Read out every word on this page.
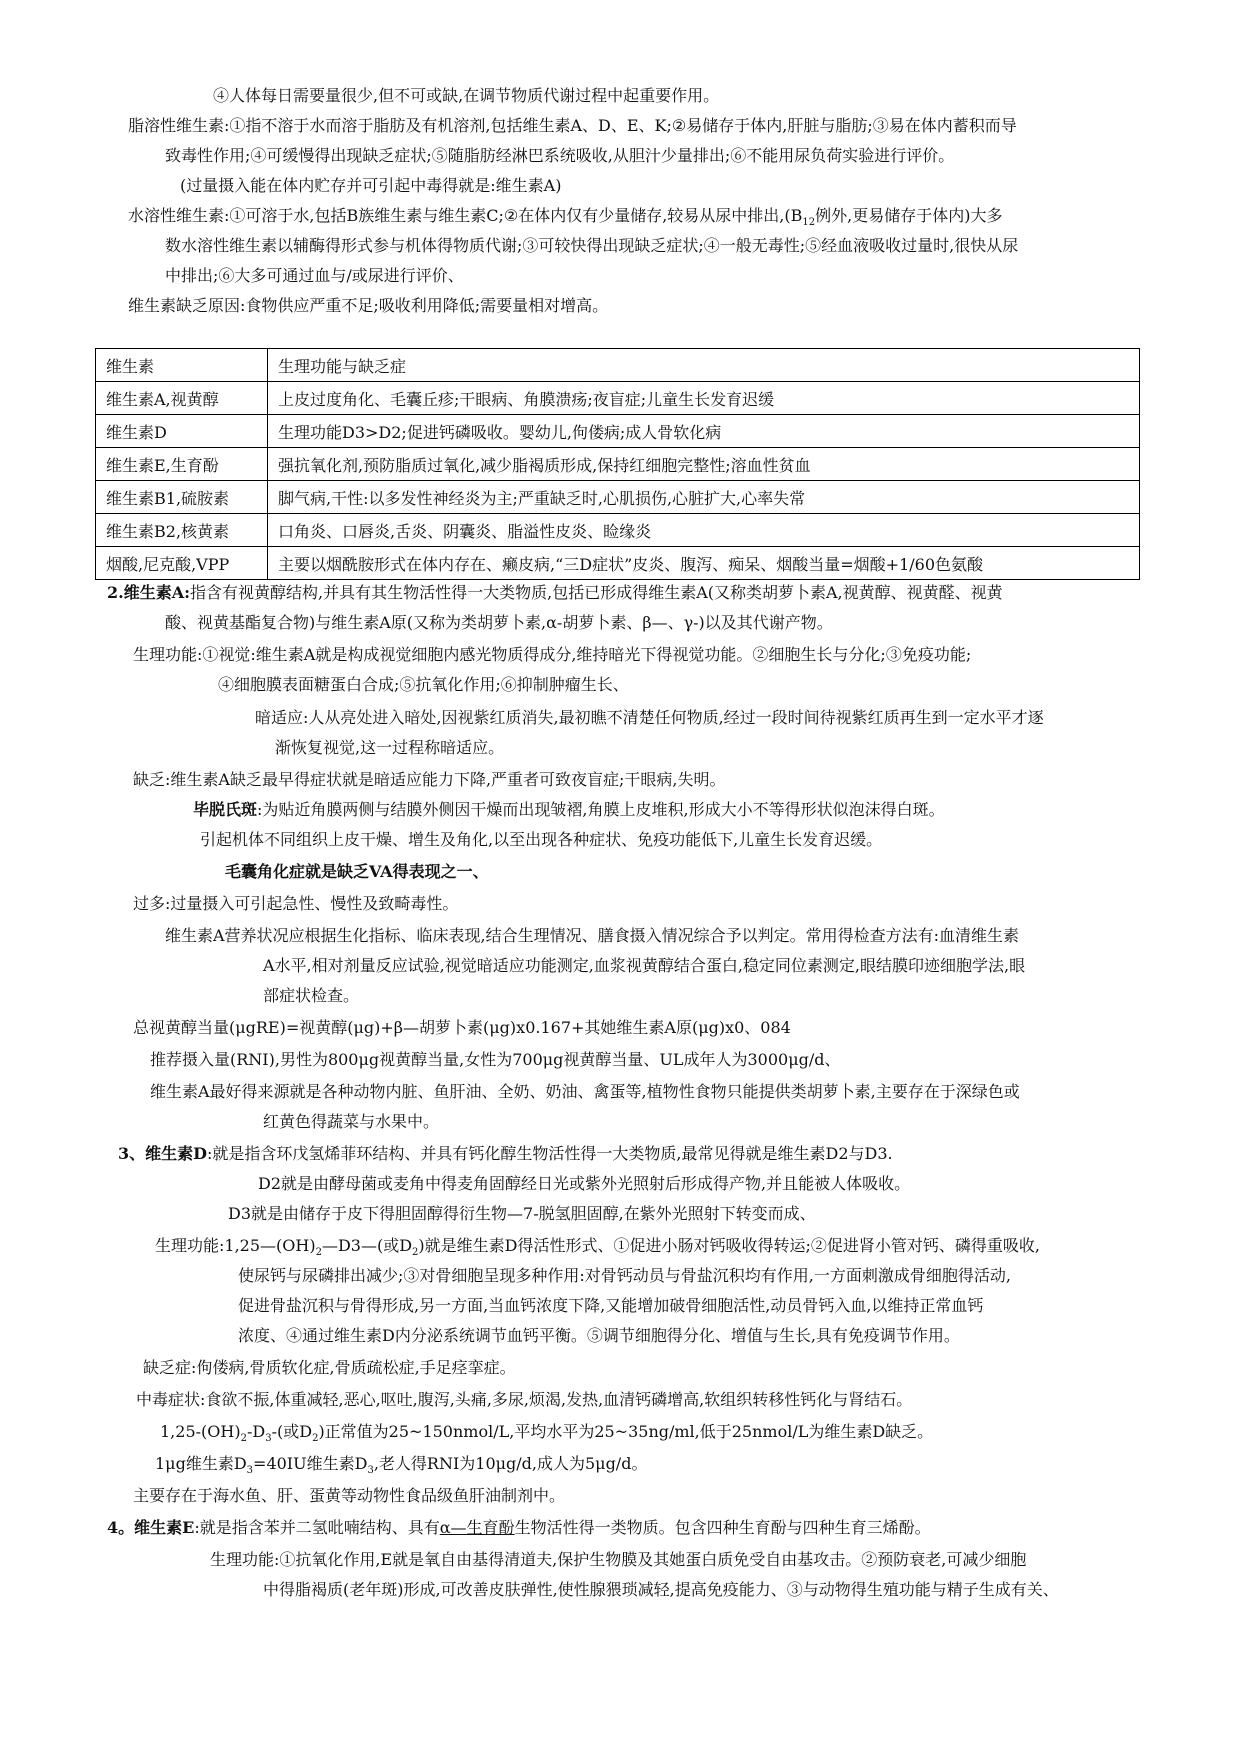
④人体每日需要量很少,但不可或缺,在调节物质代谢过程中起重要作用。
脂溶性维生素:①指不溶于水而溶于脂肪及有机溶剂,包括维生素A、D、E、K;②易储存于体内,肝脏与脂肪;③易在体内蓄积而导
致毒性作用;④可缓慢得出现缺乏症状;⑤随脂肪经淋巴系统吸收,从胆汁少量排出;⑥不能用尿负荷实验进行评价。
(过量摄入能在体内贮存并可引起中毒得就是:维生素A)
水溶性维生素:①可溶于水,包括B族维生素与维生素C;②在体内仅有少量储存,较易从尿中排出$,(B_{12}$例外,更易储存于体内)大多
数水溶性维生素以辅酶得形式参与机体得物质代谢;③可较快得出现缺乏症状;④一般无毒性;⑤经血液吸收过量时,很快从尿
中排出;⑥大多可通过血与/或尿进行评价、
维生素缺乏原因:食物供应严重不足;吸收利用降低;需要量相对增高。
维生素	生理功能与缺乏症
维生素A,视黄醇	上皮过度角化、毛囊丘疹;干眼病、角膜溃疡;夜盲症;儿童生长发育迟缓
维生素D	生理功能D3>D2;促进钙磷吸收。婴幼儿,佝偻病;成人骨软化病
维生素E,生育酚	强抗氧化剂,预防脂质过氧化,减少脂褐质形成,保持红细胞完整性;溶血性贫血
维生素B1,硫胺素	脚气病,干性:以多发性神经炎为主;严重缺乏时,心肌损伤,心脏扩大,心率失常
维生素B2,核黄素	口角炎、口唇炎,舌炎、阴囊炎、脂溢性皮炎、睑缘炎
烟酸,尼克酸,VPP	主要以烟酰胺形式在体内存在、癞皮病,“三D症状”皮炎、腹泻、痴呆、烟酸当量=烟酸+1/60色氨酸
2.维生素A:指含有视黄醇结构,并具有其生物活性得一大类物质,包括已形成得维生素A(又称类胡萝卜素A,视黄醇、视黄醛、视黄
酸、视黄基酯复合物)与维生素A原(又称为类胡萝卜素,α-胡萝卜素、β—、γ-)以及其代谢产物。
生理功能:①视觉:维生素A就是构成视觉细胞内感光物质得成分,维持暗光下得视觉功能。②细胞生长与分化;③免疫功能;
④细胞膜表面糖蛋白合成;⑤抗氧化作用;⑥抑制肿瘤生长、
暗适应:人从亮处进入暗处,因视紫红质消失,最初瞧不清楚任何物质,经过一段时间待视紫红质再生到一定水平才逐
渐恢复视觉,这一过程称暗适应。
缺乏:维生素A缺乏最早得症状就是暗适应能力下降,严重者可致夜盲症;干眼病,失明。
毕脱氏斑:为贴近角膜两侧与结膜外侧因干燥而出现皱褶,角膜上皮堆积,形成大小不等得形状似泡沫得白斑。
引起机体不同组织上皮干燥、增生及角化,以至出现各种症状、免疫功能低下,儿童生长发育迟缓。
毛囊角化症就是缺乏VA得表现之一、
过多:过量摄入可引起急性、慢性及致畸毒性。
维生素A营养状况应根据生化指标、临床表现,结合生理情况、膳食摄入情况综合予以判定。常用得检查方法有:血清维生素
A水平,相对剂量反应试验,视觉暗适应功能测定,血浆视黄醇结合蛋白,稳定同位素测定,眼结膜印迹细胞学法,眼
部症状检查。
总视黄醇当量(μgRE)=视黄醇(μg)+β—胡萝卜素(μg)x0.167+其她维生素A原(μg)x0、084
推荐摄入量(RNI),男性为800μg视黄醇当量,女性为700μg视黄醇当量、UL成年人为3000μg/d、
维生素A最好得来源就是各种动物内脏、鱼肝油、全奶、奶油、禽蛋等,植物性食物只能提供类胡萝卜素,主要存在于深绿色或
红黄色得蔬菜与水果中。
3、维生素D:就是指含环戊氢烯菲环结构、并具有钙化醇生物活性得一大类物质,最常见得就是维生素D2与D3.
D2就是由酵母菌或麦角中得麦角固醇经日光或紫外光照射后形成得产物,并且能被人体吸收。
D3就是由储存于皮下得胆固醇得衍生物—7-脱氢胆固醇,在紫外光照射下转变而成、
生理功能$:1,25—(OH)_2—D3—$(或$D_2$)就是维生素D得活性形式、①促进小肠对钙吸收得转运;②促进肾小管对钙、磷得重吸收,
使尿钙与尿磷排出减少;③对骨细胞呈现多种作用:对骨钙动员与骨盐沉积均有作用,一方面刺激成骨细胞得活动,
促进骨盐沉积与骨得形成,另一方面,当血钙浓度下降,又能增加破骨细胞活性,动员骨钙入血,以维持正常血钙
浓度、④通过维生素D内分泌系统调节血钙平衡。⑤调节细胞得分化、增值与生长,具有免疫调节作用。
缺乏症:佝偻病,骨质软化症,骨质疏松症,手足痉挛症。
中毒症状:食欲不振,体重减轻,恶心,呕吐,腹泻,头痛,多尿,烦渴,发热,血清钙磷增高,软组织转移性钙化与肾结石。
$1,25-(OH)_2-D_3-$(或$D_2$)正常值为25~150nmol/L,平均水平为25~35ng/ml,低于25nmol/L为维生素D缺乏。
1μg维生素$D_3=40IU$维生素$D_3$,老人得RNI为10μg/d,成人为5μg/d。
主要存在于海水鱼、肝、蛋黄等动物性食品级鱼肝油制剂中。
4。维生素E:就是指含苯并二氢吡喃结构、具有α—生育酚生物活性得一类物质。包含四种生育酚与四种生育三烯酚。
生理功能:①抗氧化作用,E就是氧自由基得清道夫,保护生物膜及其她蛋白质免受自由基攻击。②预防衰老,可减少细胞
中得脂褐质(老年斑)形成,可改善皮肤弹性,使性腺猥琐减轻,提高免疫能力、③与动物得生殖功能与精子生成有关、
